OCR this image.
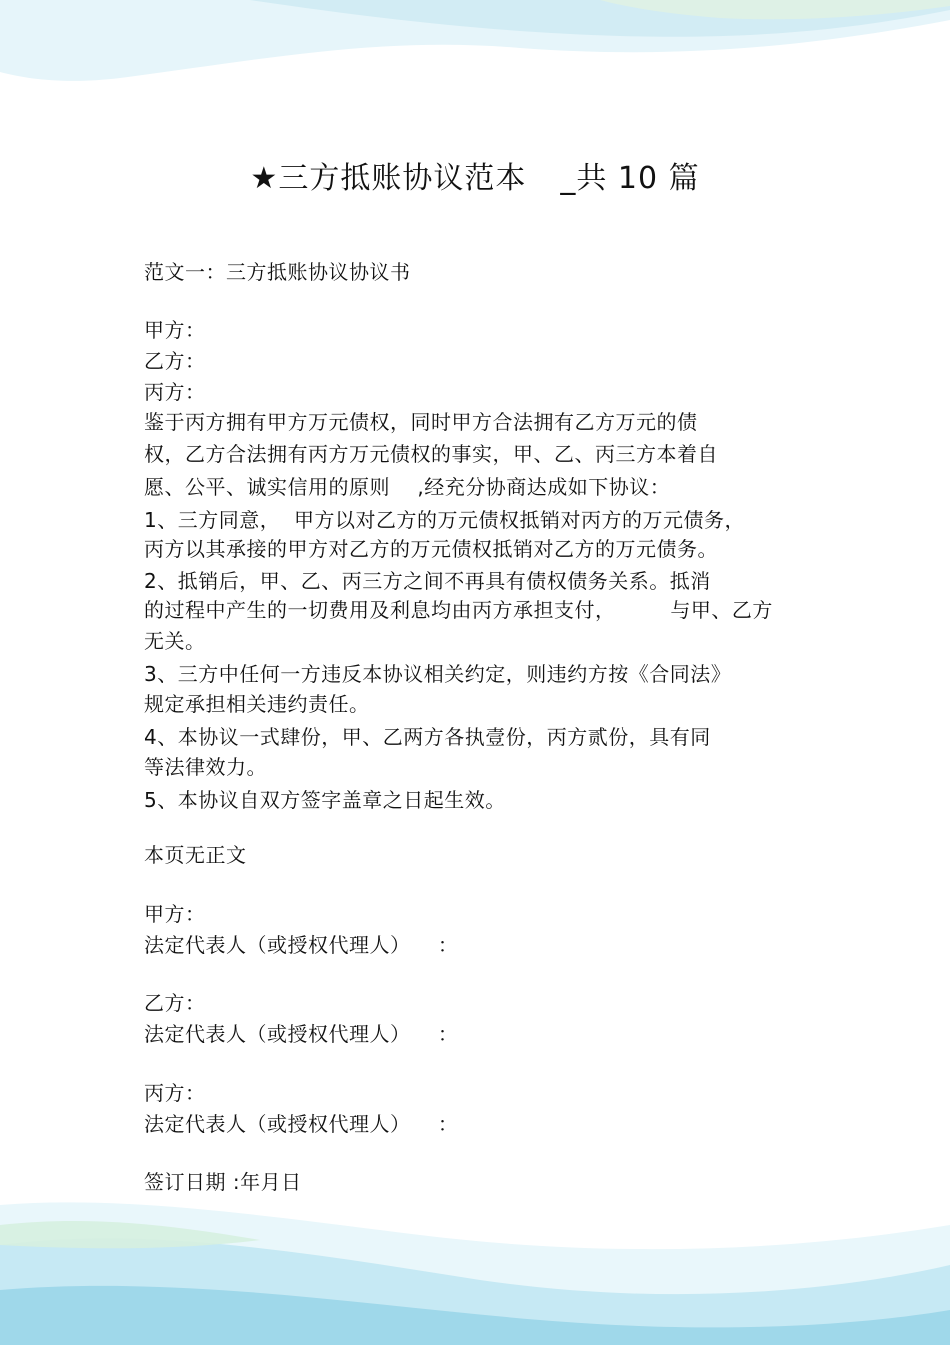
★三方抵账协议范本 _共 10 篇
范文一：三方抵账协议协议书
甲方：
乙方：
丙方：
鉴于丙方拥有甲方万元债权，同时甲方合法拥有乙方万元的债
权，乙方合法拥有丙方万元债权的事实，甲、乙、丙三方本着自
愿、公平、诚实信用的原则    ,经充分协商达成如下协议：
1、三方同意，  甲方以对乙方的万元债权抵销对丙方的万元债务，
丙方以其承接的甲方对乙方的万元债权抵销对乙方的万元债务。
2、抵销后，甲、乙、丙三方之间不再具有债权债务关系。抵消
的过程中产生的一切费用及利息均由丙方承担支付，        与甲、乙方
无关。
3、三方中任何一方违反本协议相关约定，则违约方按《合同法》
规定承担相关违约责任。
4、本协议一式肆份，甲、乙两方各执壹份，丙方贰份，具有同
等法律效力。
5、本协议自双方签字盖章之日起生效。
本页无正文
甲方：
法定代表人（或授权代理人）    ：
乙方：
法定代表人（或授权代理人）    ：
丙方：
法定代表人（或授权代理人）    ：
签订日期 :年月日
